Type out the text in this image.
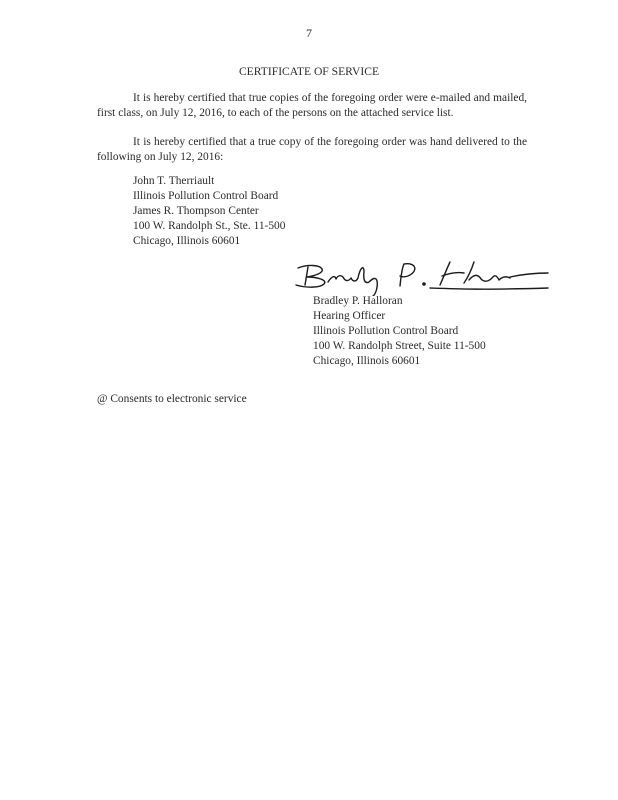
7
CERTIFICATE OF SERVICE

It is hereby certified that true copies of the foregoing order were e-mailed and mailed, first class, on July 12, 2016, to each of the persons on the attached service list.

It is hereby certified that a true copy of the foregoing order was hand delivered to the following on July 12, 2016:

John T. Therriault
Illinois Pollution Control Board
James R. Thompson Center
100 W. Randolph St., Ste. 11-500
Chicago, Illinois 60601
Bradley P. Halloran
Hearing Officer
Illinois Pollution Control Board
100 W. Randolph Street, Suite 11-500
Chicago, Illinois 60601

@ Consents to electronic service
